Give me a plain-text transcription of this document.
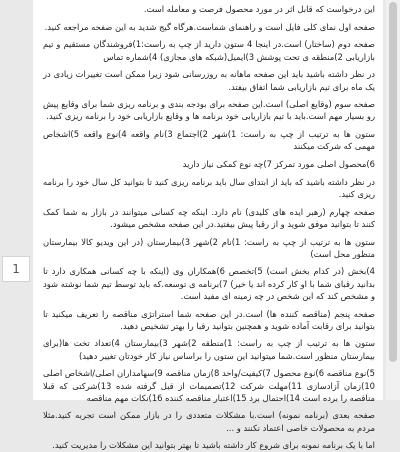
این درخواست که قابل اثر در مورد محصول فرصت و معامله است.

صفحه اول نمای کلی فایل است و راهنمای شماست.هرگاه گیج شدید به این صفحه مراجعه کنید.

صفحه دوم (ساختار) است.در اینجا 4 ستون دارید از چپ به راست:1)فروشندگان مستقیم و تیم بازاریابی 2)منطقه ی تحت پوشش 3)ایمیل(شبکه های مجازی) 4)شماره تماس

در نظر داشته باشید باید این صفحه ماهانه به روزرسانی شود زیرا ممکن است تغییرات زیادی در یک ماه برای تیم بازاریابی شما اتفاق بیفتد.

صفحه سوم (وقایع اصلی) است.این صفحه برای بودجه بندی و برنامه ریزی شما برای وقایع پیش رو بسیار مهم است.باید با تیم بازاریابی خود برنامه ها و وقایع بازاریابی خود را برنامه ریزی کنید.

ستون ها به ترتیب از چپ به راست: 1)شهر 2)اجتماع 3)نام واقعه 4)نوع واقعه 5)اشخاص مهمی که شرکت میکنند

6)محصول اصلی مورد تمرکز 7)چه نوع کمکی نیاز دارید

در نظر داشته باشید که باید از ابتدای سال باید برنامه ریزی کنید تا بتوانید کل سال خود را برنامه ریزی کنید.

صفحه چهارم (رهبر ایده های کلیدی) نام دارد. اینکه چه کسانی میتوانند در بازار به شما کمک کنند تا بتوانید موفق شوید و از رقبا پیش بیفتید.در این صفحه مشخص میشود.

ستون ها به ترتیب از چپ به راست: 1)نام 2)شهر 3)بیمارستان (در این ویدیو کالا بیمارستان منظور محل است)

4)بخش (در کدام بخش است) 5)تخصص 6)همکاران وی (اینکه با چه کسانی همکاری دارد تا بدانید رقبای شما با او کار کرده اند یا خیر) 7)برنامه ی توسعه.که باید توسط تیم شما نوشته شود و مشخص کند که این شخص در چه زمینه ای مفید است.

صفحه پنجم (مناقصه کننده ها) است.در این صفحه شما استراتژی مناقصه را تعریف میکنید تا بتوانید برای رقابت آماده شوید و همچنین بتوانید رقبا را بهتر تشخیص دهید.

ستون ها به ترتیب از چپ به راست: 1)منطقه 2)شهر 3)بیمارستان 4)تعداد تخت ها(برای بیمارستان منظور است.شما میتوانید این ستون را براساس نیاز کار خودتان تغییر دهید)

5)نوع مناقصه 6)نوع محصول 7)کیفیت/واحد 8)زمان مناقصه 9)سهامداران اصلی/اشخاص اصلی 10)زمان آزادسازی 11)مهلت شرکت 12)تصمیمات از قبل گرفته شده 13)شرکتی که قبلا مناقصه را برده است 14)احتمال برد 15)اعتبار مناقصه کننده 16)نکات مهم مناقصه

صفحه بعدی (برنامه نمونه) است.با مشکلات متعددی را در بازار ممکن است تجربه کنید.مثلا مردم به محصولات خاصی اعتماد نکنند و ...

اما با یک برنامه نمونه برای شروع کار داشته باشید تا بهتر بتوانید این مشکلات را مدیریت کنید.

1
